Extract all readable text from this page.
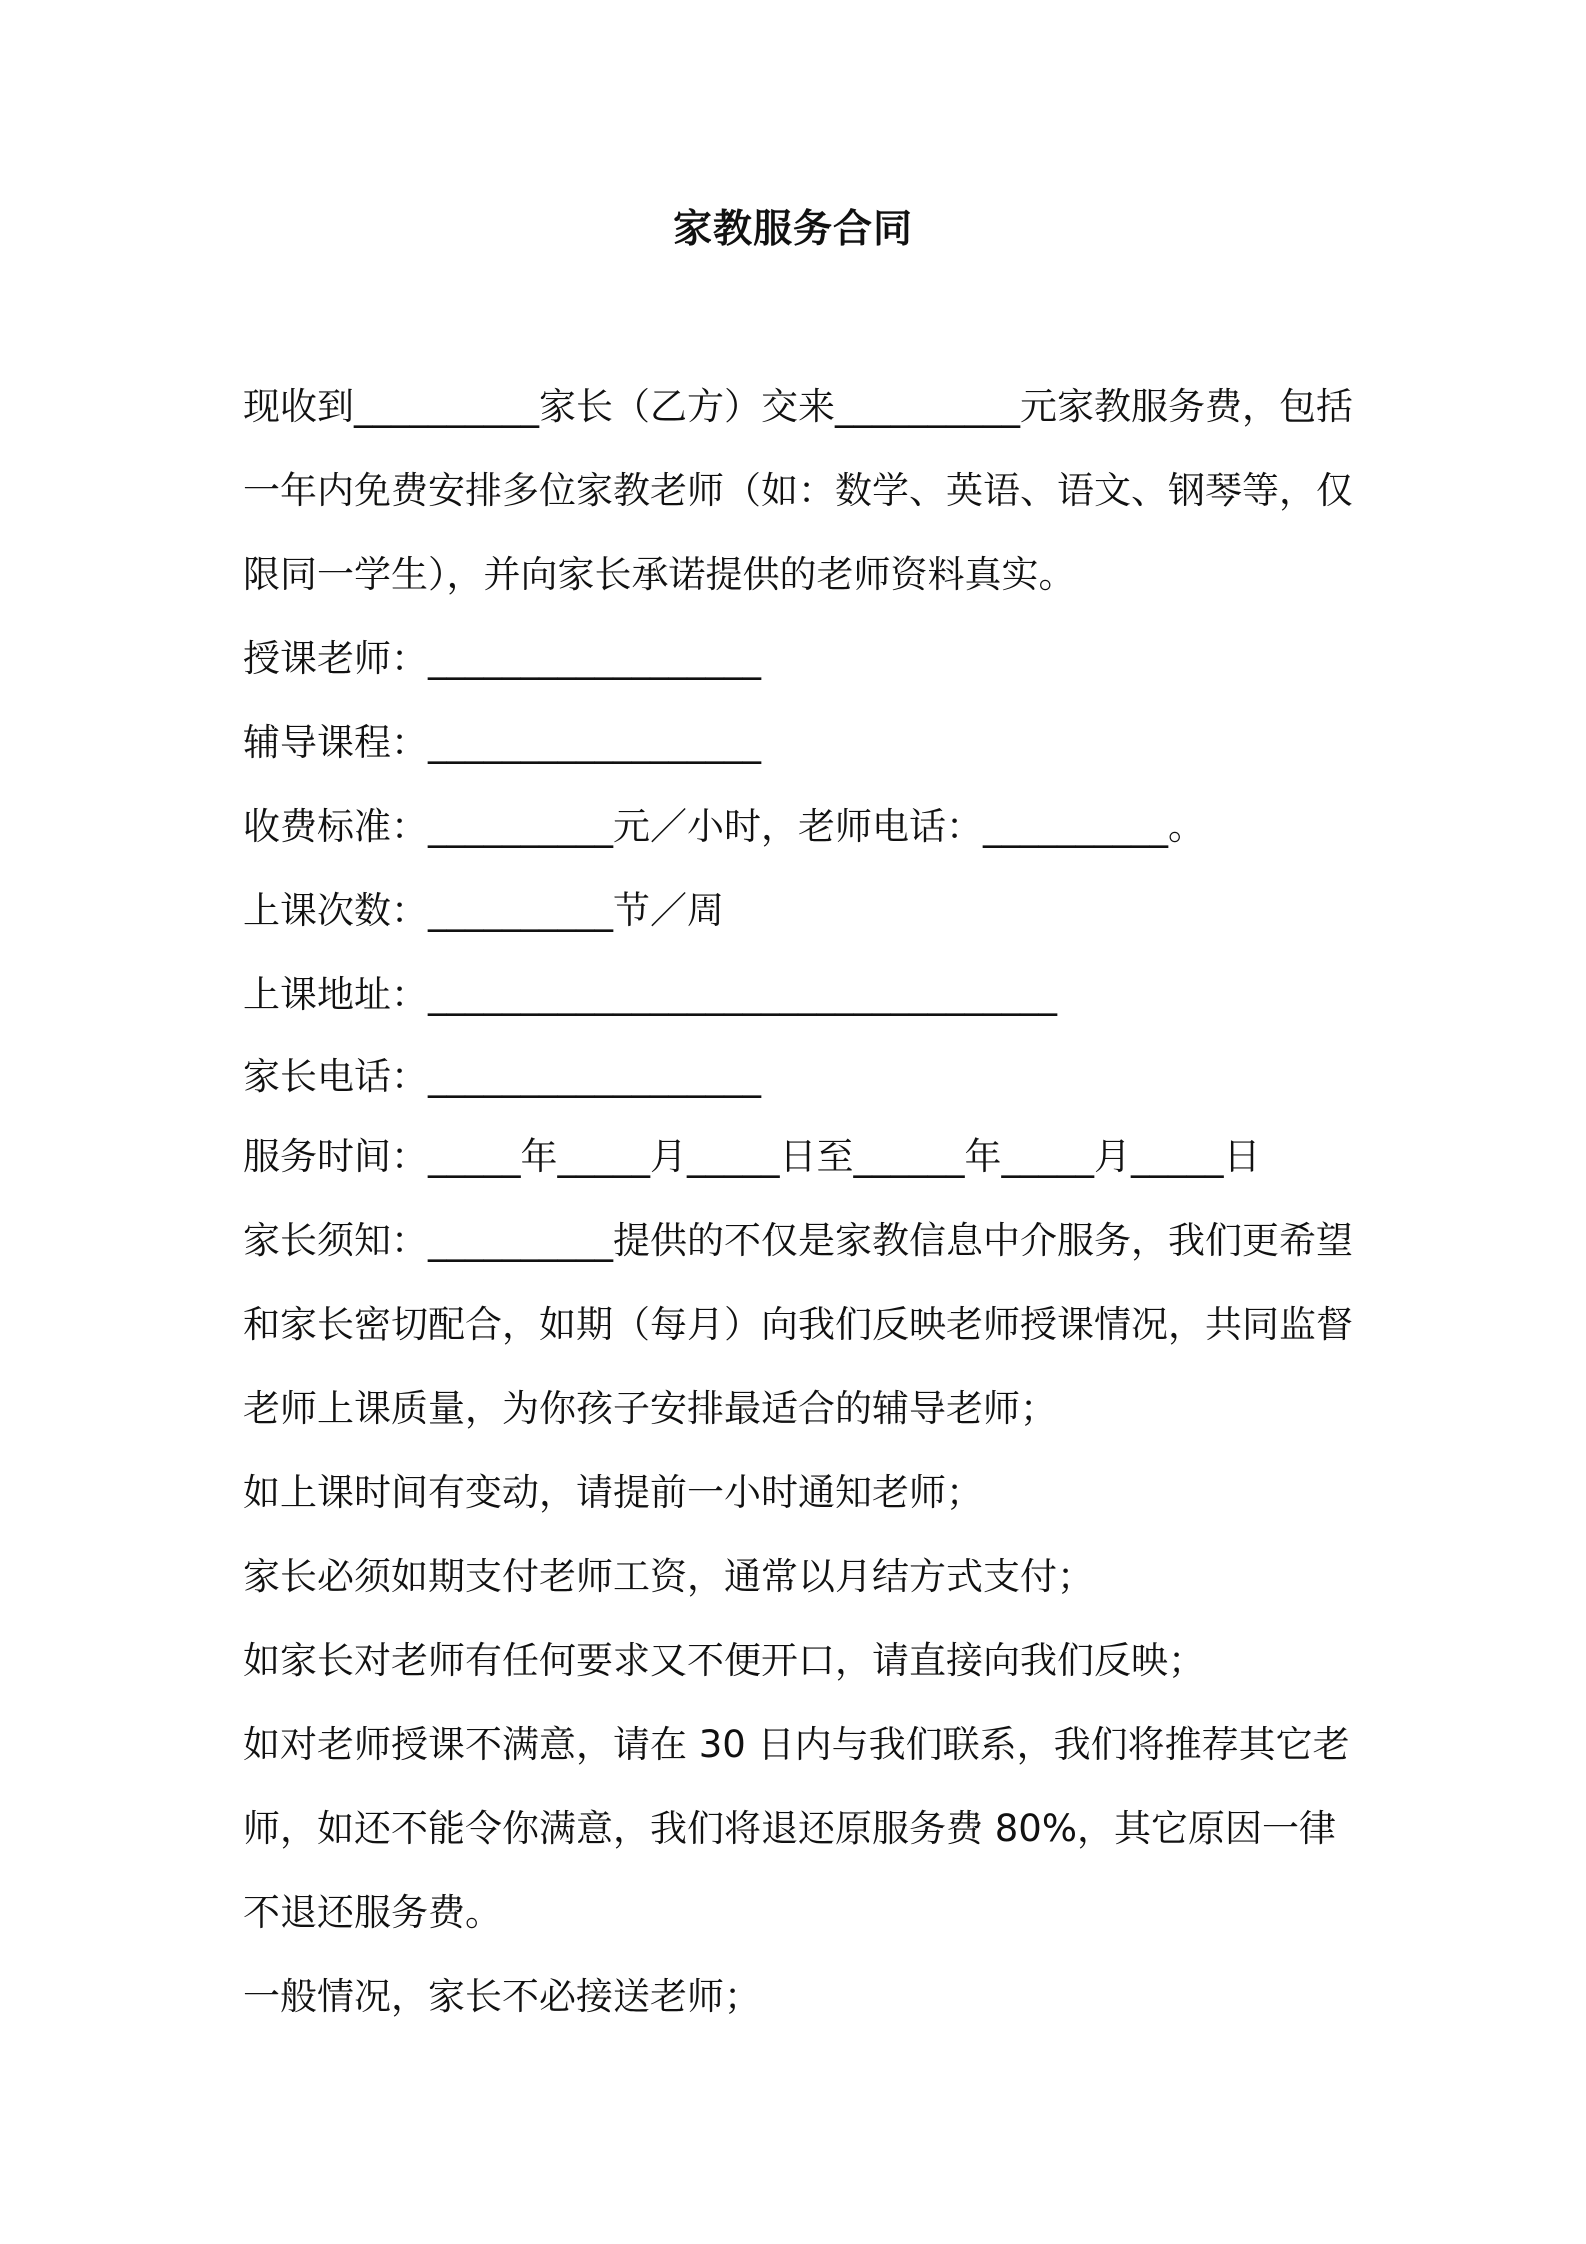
家教服务合同
现收到__________家长（乙方）交来__________元家教服务费，包括
一年内免费安排多位家教老师（如：数学、英语、语文、钢琴等，仅
限同一学生），并向家长承诺提供的老师资料真实。
授课老师：__________________
辅导课程：__________________
收费标准：__________元／小时，老师电话：__________。
上课次数：__________节／周
上课地址：__________________________________
家长电话：__________________
服务时间：_____年_____月_____日至______年_____月_____日
家长须知：__________提供的不仅是家教信息中介服务，我们更希望
和家长密切配合，如期（每月）向我们反映老师授课情况，共同监督
老师上课质量，为你孩子安排最适合的辅导老师；
如上课时间有变动，请提前一小时通知老师；
家长必须如期支付老师工资，通常以月结方式支付；
如家长对老师有任何要求又不便开口，请直接向我们反映；
如对老师授课不满意，请在 30 日内与我们联系，我们将推荐其它老
师，如还不能令你满意，我们将退还原服务费 80%，其它原因一律
不退还服务费。
一般情况，家长不必接送老师；
